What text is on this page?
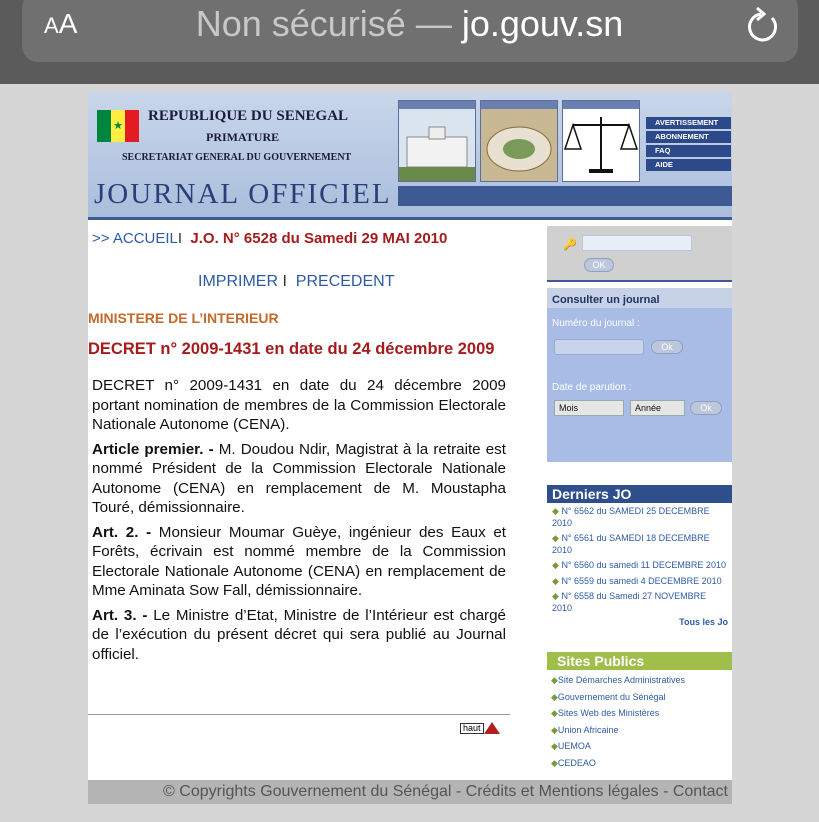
AA	Non sécurisé — jo.gouv.sn
★
REPUBLIQUE DU SENEGAL
PRIMATURE
SECRETARIAT GENERAL DU GOUVERNEMENT
JOURNAL OFFICIEL
AVERTISSEMENT
ABONNEMENT
FAQ
AIDE
>> ACCUEILI J.O. N° 6528 du Samedi 29 MAI 2010
IMPRIMER I PRECEDENT
MINISTERE DE L’INTERIEUR
DECRET n° 2009-1431 en date du 24 décembre 2009

DECRET n° 2009-1431 en date du 24 décembre 2009 portant nomination de membres de la Commission Electorale Nationale Autonome (CENA).

Article premier. - M. Doudou Ndir, Magistrat à la retraite est nommé Président de la Commission Electorale Nationale Autonome (CENA) en remplacement de M. Moustapha Touré, démissionnaire.

Art. 2. - Monsieur Moumar Guèye, ingénieur des Eaux et Forêts, écrivain est nommé membre de la Commission Electorale Nationale Autonome (CENA) en remplacement de Mme Aminata Sow Fall, démissionnaire.

Art. 3. - Le Ministre d’Etat, Ministre de l’Intérieur est chargé de l’exécution du présent décret qui sera publié au Journal officiel.

haut
🔑
OK
Consulter un journal
Numéro du journal :
Ok
Date de parution :
Mois	Année	Ok
Derniers JO
◆ N° 6562 du SAMEDI 25 DECEMBRE 2010
◆ N° 6561 du SAMEDI 18 DECEMBRE 2010
◆ N° 6560 du samedi 11 DECEMBRE 2010
◆ N° 6559 du samedi 4 DECEMBRE 2010
◆ N° 6558 du Samedi 27 NOVEMBRE 2010
Tous les Jo
Sites Publics
◆Site Démarches Administratives
◆Gouvernement du Sénégal
◆Sites Web des Ministères
◆Union Africaine
◆UEMOA
◆CEDEAO
© Copyrights Gouvernement du Sénégal - Crédits et Mentions légales - Contact
